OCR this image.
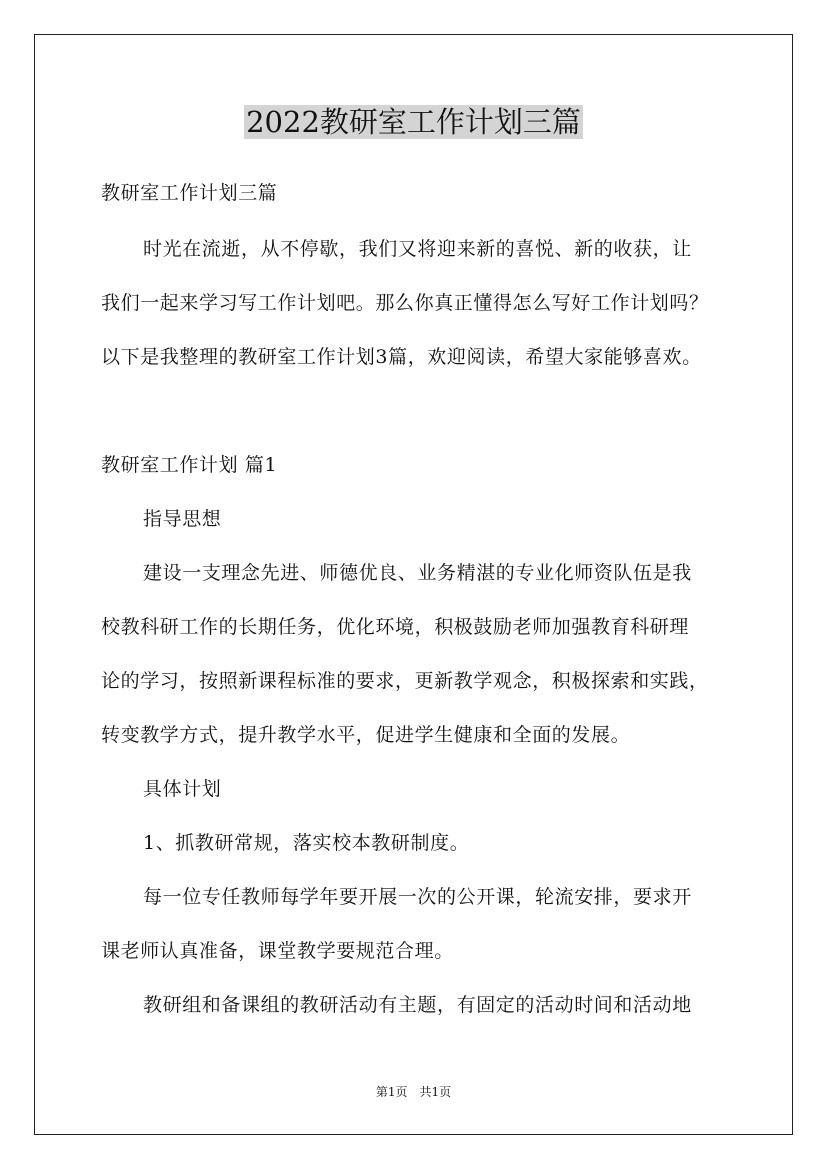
2022教研室工作计划三篇
教研室工作计划三篇
时光在流逝，从不停歇，我们又将迎来新的喜悦、新的收获，让
我们一起来学习写工作计划吧。那么你真正懂得怎么写好工作计划吗？
以下是我整理的教研室工作计划3篇，欢迎阅读，希望大家能够喜欢。
教研室工作计划 篇1
指导思想
建设一支理念先进、师德优良、业务精湛的专业化师资队伍是我
校教科研工作的长期任务，优化环境，积极鼓励老师加强教育科研理
论的学习，按照新课程标准的要求，更新教学观念，积极探索和实践，
转变教学方式，提升教学水平，促进学生健康和全面的发展。
具体计划
1、抓教研常规，落实校本教研制度。
每一位专任教师每学年要开展一次的公开课，轮流安排，要求开
课老师认真准备，课堂教学要规范合理。
教研组和备课组的教研活动有主题，有固定的活动时间和活动地
第1页　共1页
